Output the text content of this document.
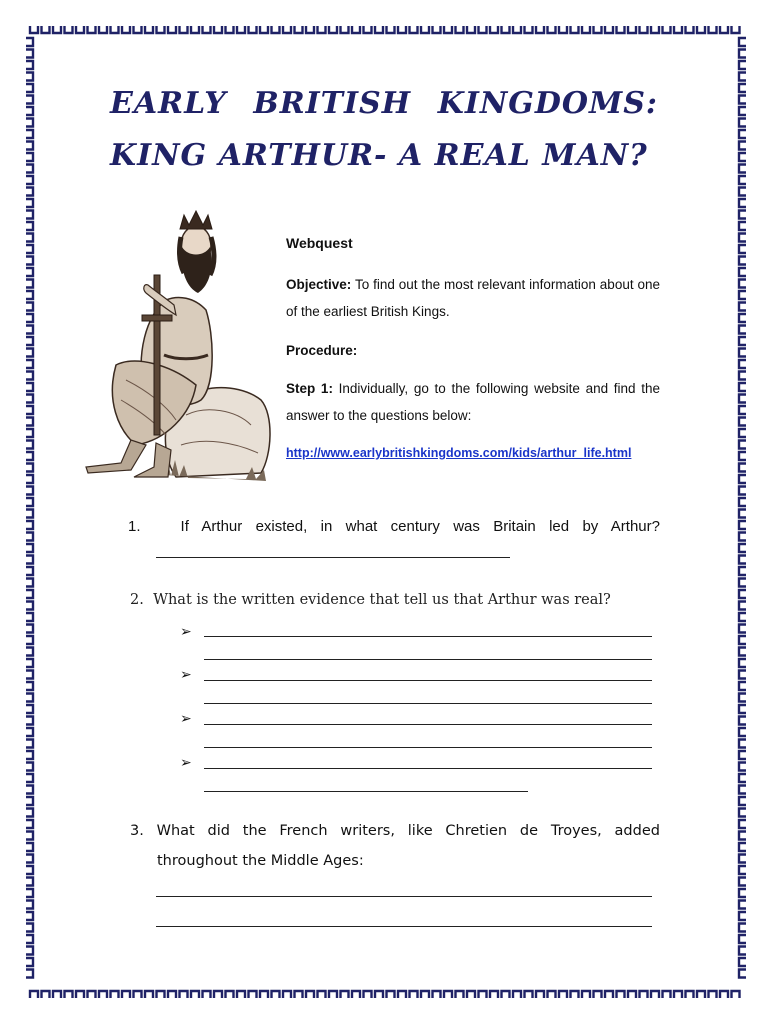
EARLY BRITISH KINGDOMS:
KING ARTHUR- A REAL MAN?
Webquest
Objective: To find out the most relevant information about one of the earliest British Kings.
Procedure:
Step 1: Individually, go to the following website and find the answer to the questions below:
http://www.earlybritishkingdoms.com/kids/arthur_life.html
1.	If Arthur existed, in what century was Britain led by Arthur?
2. What is the written evidence that tell us that Arthur was real?
➢
➢
➢
➢
3. What did the French writers, like Chretien de Troyes, added
throughout the Middle Ages:
